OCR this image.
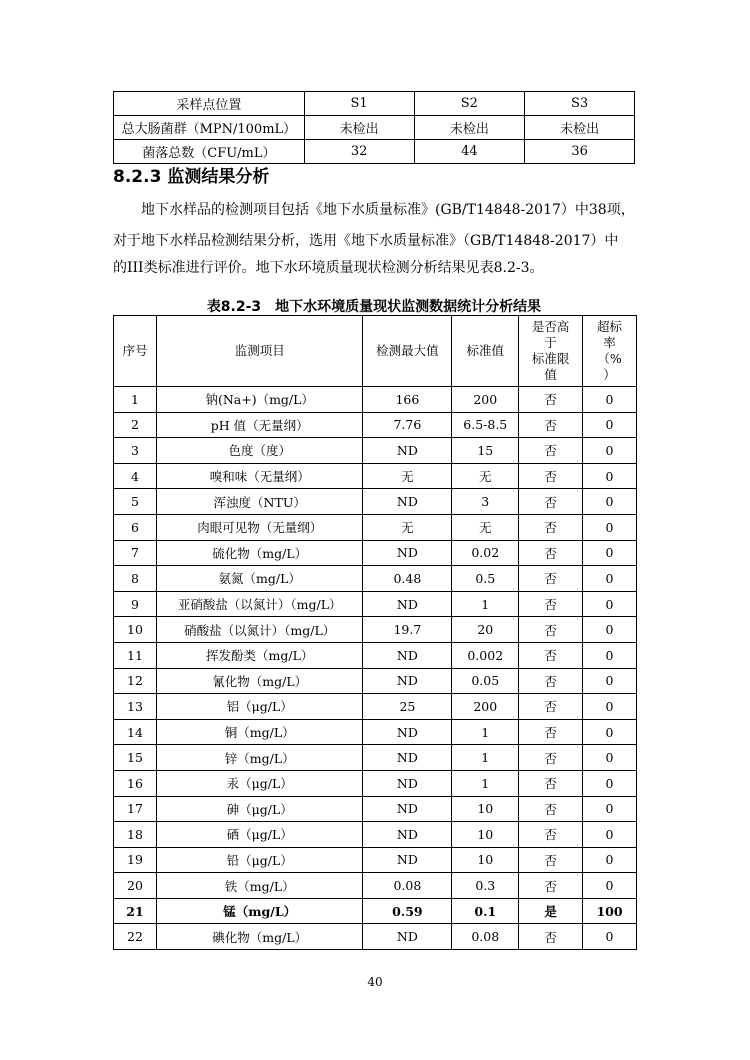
采样点位置	S1	S2	S3
总大肠菌群（MPN/100mL）	未检出	未检出	未检出
菌落总数（CFU/mL）	32	44	36
8.2.3 监测结果分析

地下水样品的检测项目包括《地下水质量标准》(GB/T14848-2017）中38项，

对于地下水样品检测结果分析，选用《地下水质量标准》（GB/T14848-2017）中

的III类标准进行评价。地下水环境质量现状检测分析结果见表8.2-3。

表8.2-3　地下水环境质量现状监测数据统计分析结果

序号	监测项目	检测最大值	标准值	是否高
于
标准限
值	超标
率
（%
）
1	钠(Na+)（mg/L）	166	200	否	0
2	pH 值（无量纲）	7.76	6.5-8.5	否	0
3	色度（度）	ND	15	否	0
4	嗅和味（无量纲）	无	无	否	0
5	浑浊度（NTU）	ND	3	否	0
6	肉眼可见物（无量纲）	无	无	否	0
7	硫化物（mg/L）	ND	0.02	否	0
8	氨氮（mg/L）	0.48	0.5	否	0
9	亚硝酸盐（以氮计）（mg/L）	ND	1	否	0
10	硝酸盐（以氮计）（mg/L）	19.7	20	否	0
11	挥发酚类（mg/L）	ND	0.002	否	0
12	氰化物（mg/L）	ND	0.05	否	0
13	铝（μg/L）	25	200	否	0
14	铜（mg/L）	ND	1	否	0
15	锌（mg/L）	ND	1	否	0
16	汞（μg/L）	ND	1	否	0
17	砷（μg/L）	ND	10	否	0
18	硒（μg/L）	ND	10	否	0
19	铅（μg/L）	ND	10	否	0
20	铁（mg/L）	0.08	0.3	否	0
21	锰（mg/L）	0.59	0.1	是	100
22	碘化物（mg/L）	ND	0.08	否	0
40
